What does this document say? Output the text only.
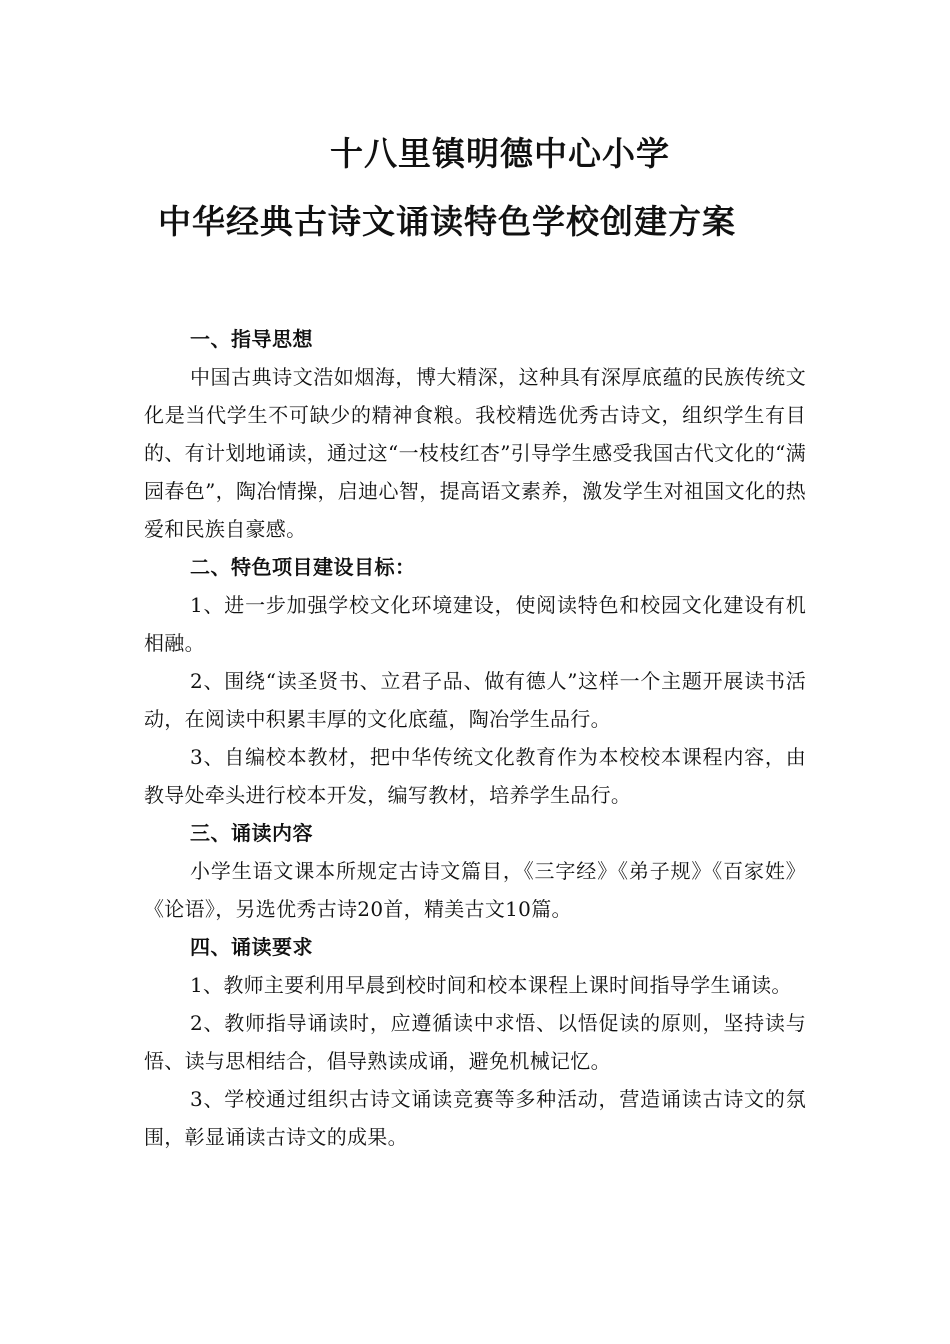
十八里镇明德中心小学
中华经典古诗文诵读特色学校创建方案

一、指导思想

中国古典诗文浩如烟海，博大精深，这种具有深厚底蕴的民族传统文化是当代学生不可缺少的精神食粮。我校精选优秀古诗文，组织学生有目的、有计划地诵读，通过这“一枝枝红杏”引导学生感受我国古代文化的“满园春色”，陶冶情操，启迪心智，提高语文素养，激发学生对祖国文化的热爱和民族自豪感。

二、特色项目建设目标：

1、进一步加强学校文化环境建设，使阅读特色和校园文化建设有机相融。

2、围绕“读圣贤书、立君子品、做有德人”这样一个主题开展读书活动，在阅读中积累丰厚的文化底蕴，陶冶学生品行。

3、自编校本教材，把中华传统文化教育作为本校校本课程内容，由教导处牵头进行校本开发，编写教材，培养学生品行。

三、诵读内容

小学生语文课本所规定古诗文篇目，《三字经》《弟子规》《百家姓》《论语》，另选优秀古诗20首，精美古文10篇。

四、诵读要求

1、教师主要利用早晨到校时间和校本课程上课时间指导学生诵读。

2、教师指导诵读时，应遵循读中求悟、以悟促读的原则，坚持读与悟、读与思相结合，倡导熟读成诵，避免机械记忆。

3、学校通过组织古诗文诵读竞赛等多种活动，营造诵读古诗文的氛围，彰显诵读古诗文的成果。
